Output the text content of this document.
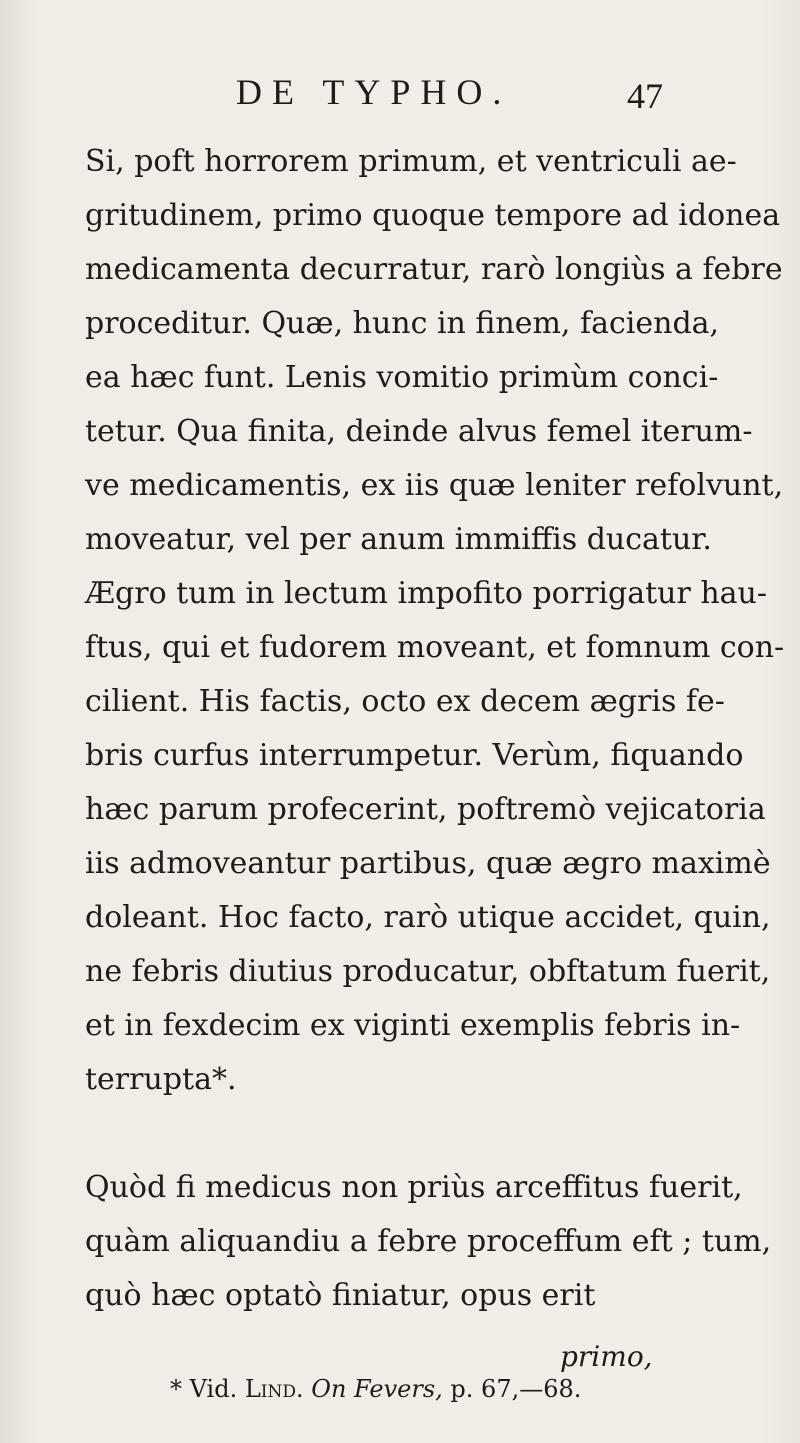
DE TYPHO.	47
Si, poft horrorem primum, et ventriculi ae-
gritudinem, primo quoque tempore ad idonea
medicamenta decurratur, rarò longiùs a febre
proceditur. Quæ, hunc in finem, facienda,
ea hæc funt. Lenis vomitio primùm conci-
tetur. Qua finita, deinde alvus femel iterum-
ve medicamentis, ex iis quæ leniter refolvunt,
moveatur, vel per anum immiffis ducatur.
Ægro tum in lectum impofito porrigatur hau-
ftus, qui et fudorem moveant, et fomnum con-
cilient. His factis, octo ex decem ægris fe-
bris curfus interrumpetur. Verùm, fiquando
hæc parum profecerint, poftremò vejicatoria
iis admoveantur partibus, quæ ægro maximè
doleant. Hoc facto, rarò utique accidet, quin,
ne febris diutius producatur, obftatum fuerit,
et in fexdecim ex viginti exemplis febris in-
terrupta*.
Quòd fi medicus non priùs arceffitus fuerit,
quàm aliquandiu a febre proceffum eft ; tum,
quò hæc optatò finiatur, opus erit
primo,
* Vid. Lind. On Fevers, p. 67,—68.
